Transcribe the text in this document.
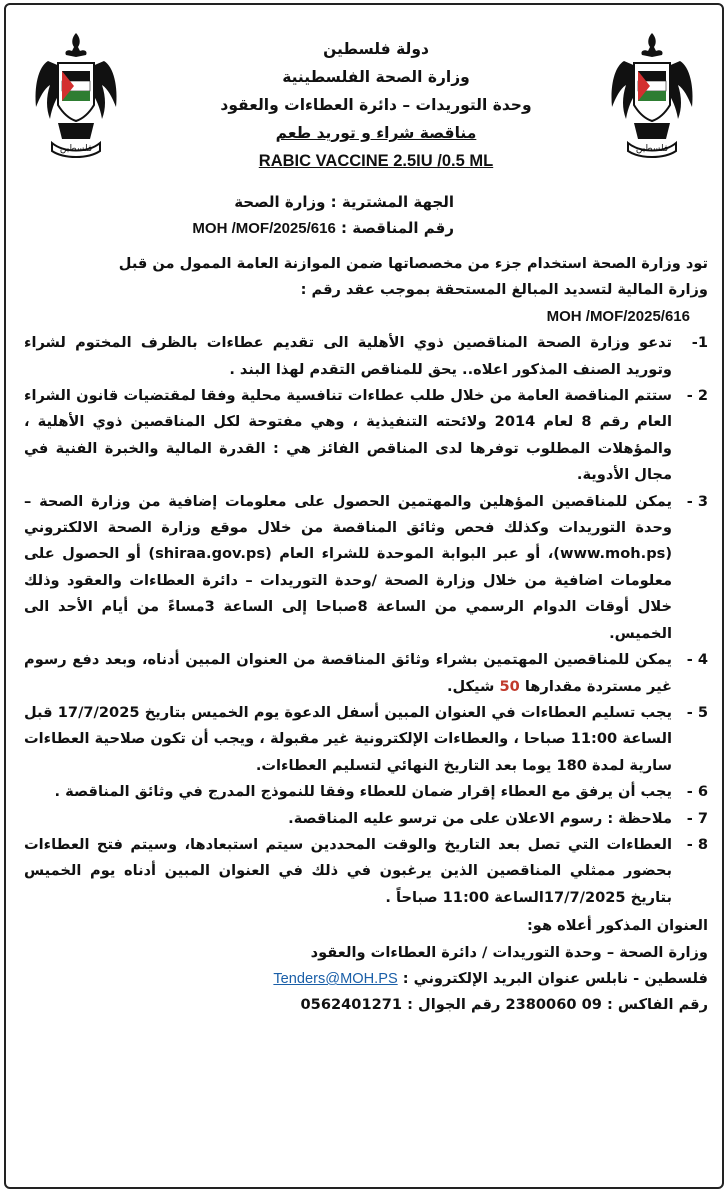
فلسطين	فلسطين
دولة فلسطين
وزارة الصحة الفلسطينية
وحدة التوريدات – دائرة العطاءات والعقود
مناقصة شراء و توريد طعم
RABIC VACCINE 2.5IU /0.5 ML
الجهة المشترية : وزارة الصحة
رقم المناقصة : MOH /MOF/2025/616

تود وزارة الصحة استخدام جزء من مخصصاتها ضمن الموازنة العامة الممول من قبل

وزارة المالية لتسديد المبالغ المستحقة بموجب عقد رقم :

MOH /MOF/2025/616

1-
تدعو وزارة الصحة المناقصين ذوي الأهلية الى تقديم عطاءات بالظرف المختوم لشراء وتوريد الصنف المذكور اعلاه.. يحق للمناقص التقدم لهذا البند .
2 -
ستتم المناقصة العامة من خلال طلب عطاءات تنافسية محلية وفقا لمقتضيات قانون الشراء العام رقم 8 لعام 2014 ولائحته التنفيذية ، وهي مفتوحة لكل المناقصين ذوي الأهلية ، والمؤهلات المطلوب توفرها لدى المناقص الفائز هي : القدرة المالية والخبرة الفنية في مجال الأدوية.
3 -
يمكن للمناقصين المؤهلين والمهتمين الحصول على معلومات إضافية من وزارة الصحة – وحدة التوريدات وكذلك فحص وثائق المناقصة من خلال موقع وزارة الصحة الالكتروني (www.moh.ps)، أو عبر البوابة الموحدة للشراء العام (shiraa.gov.ps) أو الحصول على معلومات اضافية من خلال وزارة الصحة /وحدة التوريدات – دائرة العطاءات والعقود وذلك خلال أوقات الدوام الرسمي من الساعة 8صباحا إلى الساعة 3مساءً من أيام الأحد الى الخميس.
4 -
يمكن للمناقصين المهتمين بشراء وثائق المناقصة من العنوان المبين أدناه، وبعد دفع رسوم غير مستردة مقدارها 50 شيكل.
5 -
يجب تسليم العطاءات في العنوان المبين أسفل الدعوة يوم الخميس بتاريخ 17/7/2025 قبل الساعة 11:00 صباحا ، والعطاءات الإلكترونية غير مقبولة ، ويجب أن تكون صلاحية العطاءات سارية لمدة 180 يوما بعد التاريخ النهائي لتسليم العطاءات.
6 -
يجب أن يرفق مع العطاء إقرار ضمان للعطاء وفقا للنموذج المدرج في وثائق المناقصة .
7 -
ملاحظة : رسوم الاعلان على من ترسو عليه المناقصة.
8 -
العطاءات التي تصل بعد التاريخ والوقت المحددين سيتم استبعادها، وسيتم فتح العطاءات بحضور ممثلي المناقصين الذين يرغبون في ذلك في العنوان المبين أدناه يوم الخميس بتاريخ 17/7/2025الساعة 11:00 صباحاً .

العنوان المذكور أعلاه هو:

وزارة الصحة – وحدة التوريدات / دائرة العطاءات والعقود

فلسطين - نابلس عنوان البريد الإلكتروني : Tenders@MOH.PS

رقم الفاكس : 09 2380060 رقم الجوال : 0562401271
